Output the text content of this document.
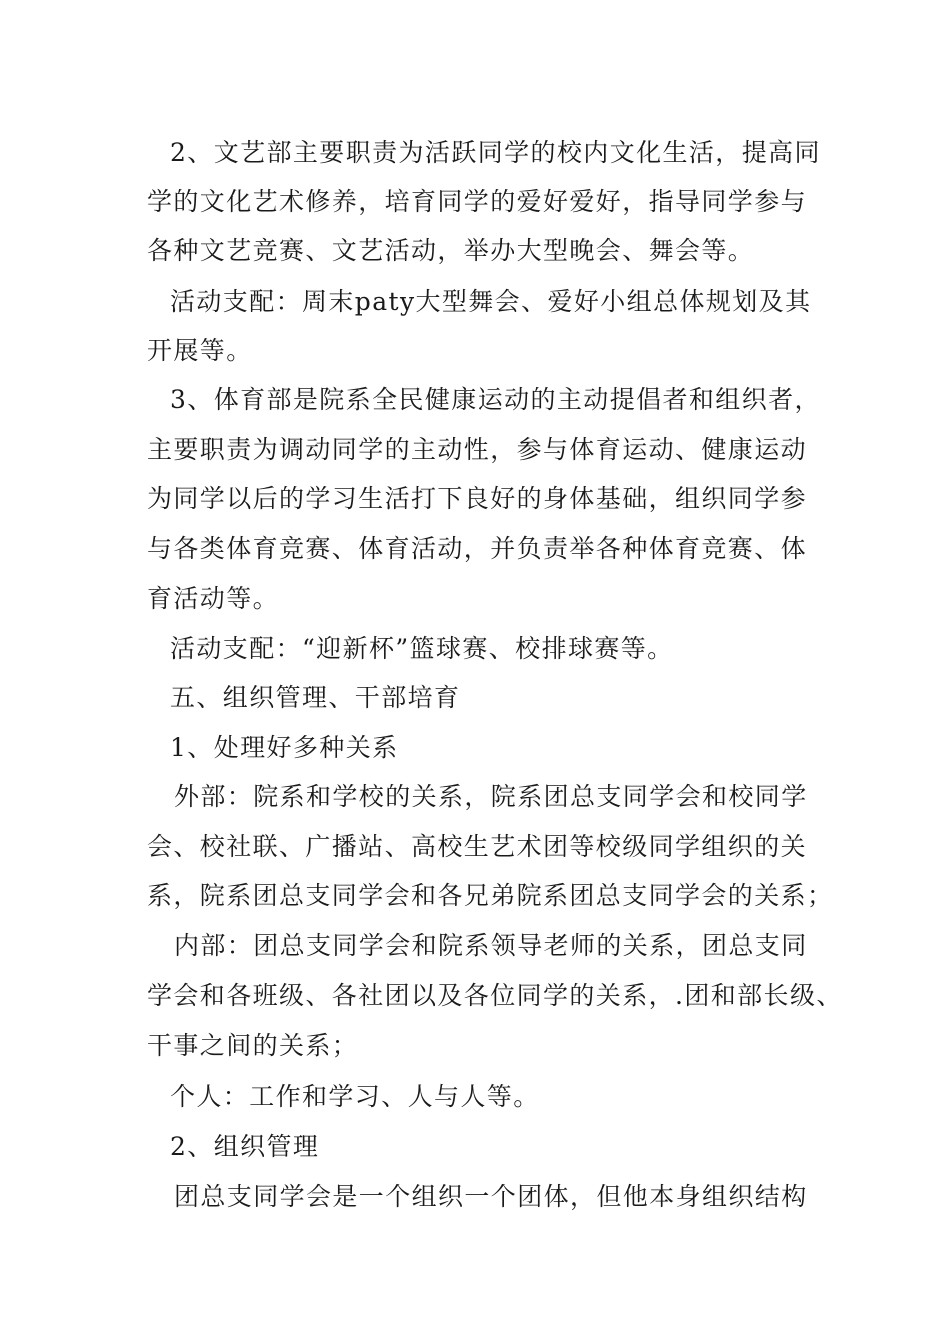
2、文艺部主要职责为活跃同学的校内文化生活，提高同
学的文化艺术修养，培育同学的爱好爱好，指导同学参与
各种文艺竞赛、文艺活动，举办大型晚会、舞会等。
活动支配：周末paty大型舞会、爱好小组总体规划及其
开展等。
3、体育部是院系全民健康运动的主动提倡者和组织者，
主要职责为调动同学的主动性，参与体育运动、健康运动
为同学以后的学习生活打下良好的身体基础，组织同学参
与各类体育竞赛、体育活动，并负责举各种体育竞赛、体
育活动等。
活动支配：“迎新杯”篮球赛、校排球赛等。
五、组织管理、干部培育
1、处理好多种关系
外部：院系和学校的关系，院系团总支同学会和校同学
会、校社联、广播站、高校生艺术团等校级同学组织的关
系，院系团总支同学会和各兄弟院系团总支同学会的关系；
内部：团总支同学会和院系领导老师的关系，团总支同
学会和各班级、各社团以及各位同学的关系，.团和部长级、
干事之间的关系；
个人：工作和学习、人与人等。
2、组织管理
团总支同学会是一个组织一个团体，但他本身组织结构
